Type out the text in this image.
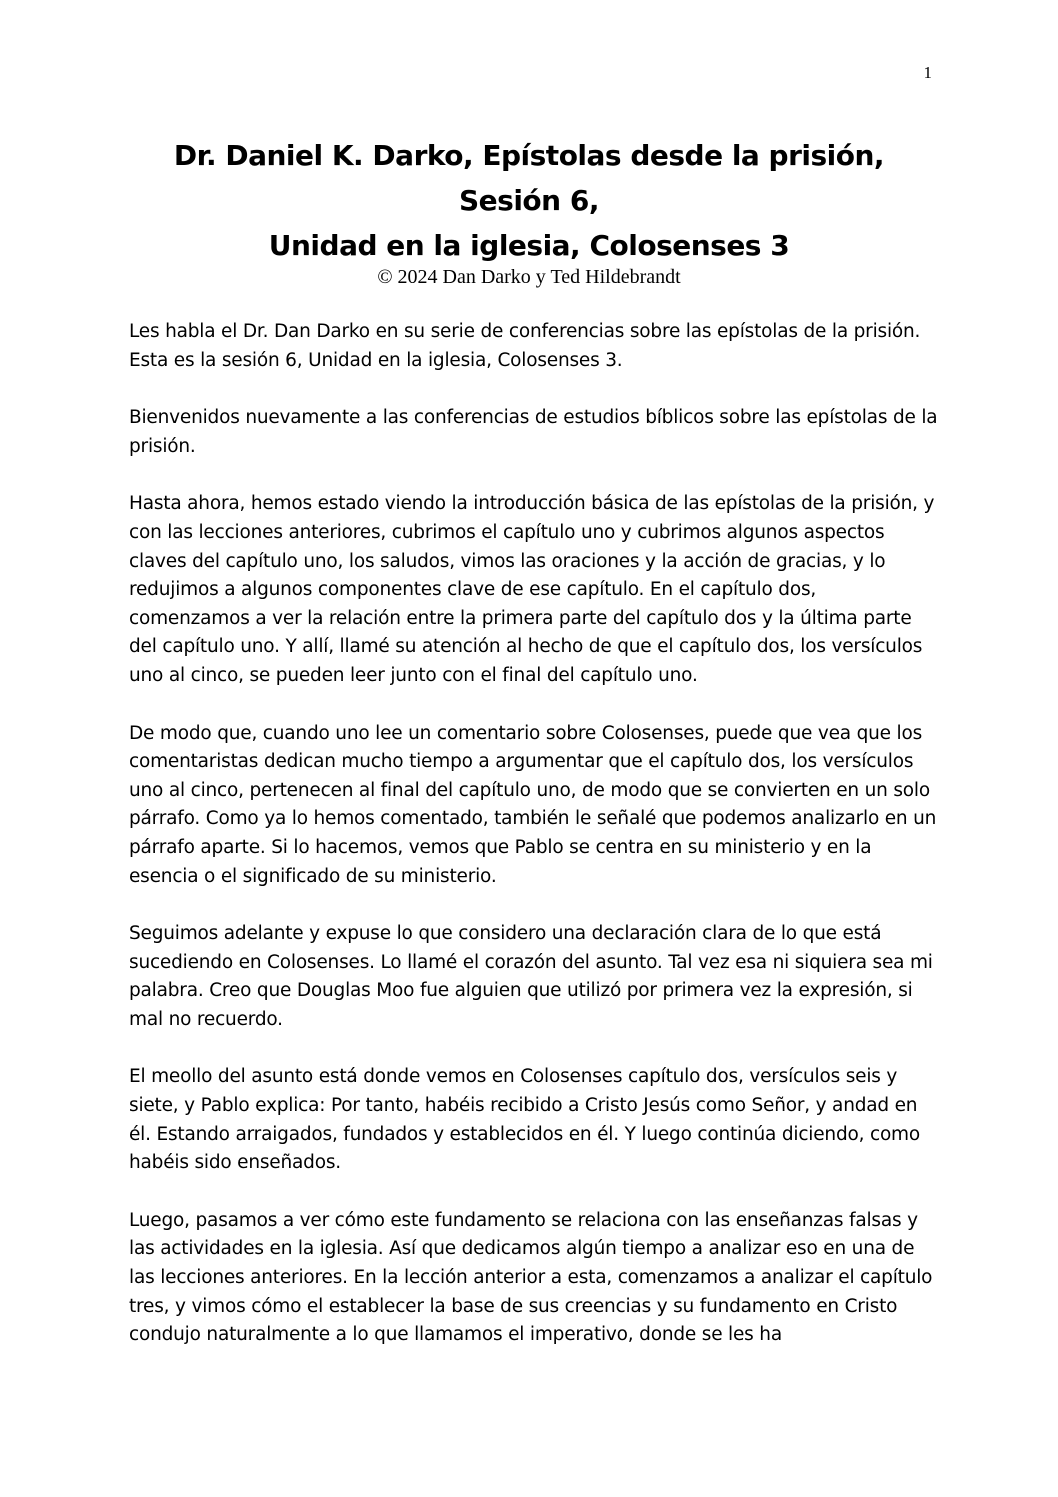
1
Dr. Daniel K. Darko, Epístolas desde la prisión,
Sesión 6,
Unidad en la iglesia, Colosenses 3
© 2024 Dan Darko y Ted Hildebrandt

Les habla el Dr. Dan Darko en su serie de conferencias sobre las epístolas de la prisión. Esta es la sesión 6, Unidad en la iglesia, Colosenses 3.

Bienvenidos nuevamente a las conferencias de estudios bíblicos sobre las epístolas de la prisión.

Hasta ahora, hemos estado viendo la introducción básica de las epístolas de la prisión, y con las lecciones anteriores, cubrimos el capítulo uno y cubrimos algunos aspectos claves del capítulo uno, los saludos, vimos las oraciones y la acción de gracias, y lo redujimos a algunos componentes clave de ese capítulo. En el capítulo dos, comenzamos a ver la relación entre la primera parte del capítulo dos y la última parte del capítulo uno. Y allí, llamé su atención al hecho de que el capítulo dos, los versículos uno al cinco, se pueden leer junto con el final del capítulo uno.

De modo que, cuando uno lee un comentario sobre Colosenses, puede que vea que los comentaristas dedican mucho tiempo a argumentar que el capítulo dos, los versículos uno al cinco, pertenecen al final del capítulo uno, de modo que se convierten en un solo párrafo. Como ya lo hemos comentado, también le señalé que podemos analizarlo en un párrafo aparte. Si lo hacemos, vemos que Pablo se centra en su ministerio y en la esencia o el significado de su ministerio.

Seguimos adelante y expuse lo que considero una declaración clara de lo que está sucediendo en Colosenses. Lo llamé el corazón del asunto. Tal vez esa ni siquiera sea mi palabra. Creo que Douglas Moo fue alguien que utilizó por primera vez la expresión, si mal no recuerdo.

El meollo del asunto está donde vemos en Colosenses capítulo dos, versículos seis y siete, y Pablo explica: Por tanto, habéis recibido a Cristo Jesús como Señor, y andad en él. Estando arraigados, fundados y establecidos en él. Y luego continúa diciendo, como habéis sido enseñados.

Luego, pasamos a ver cómo este fundamento se relaciona con las enseñanzas falsas y las actividades en la iglesia. Así que dedicamos algún tiempo a analizar eso en una de las lecciones anteriores. En la lección anterior a esta, comenzamos a analizar el capítulo tres, y vimos cómo el establecer la base de sus creencias y su fundamento en Cristo condujo naturalmente a lo que llamamos el imperativo, donde se les ha
